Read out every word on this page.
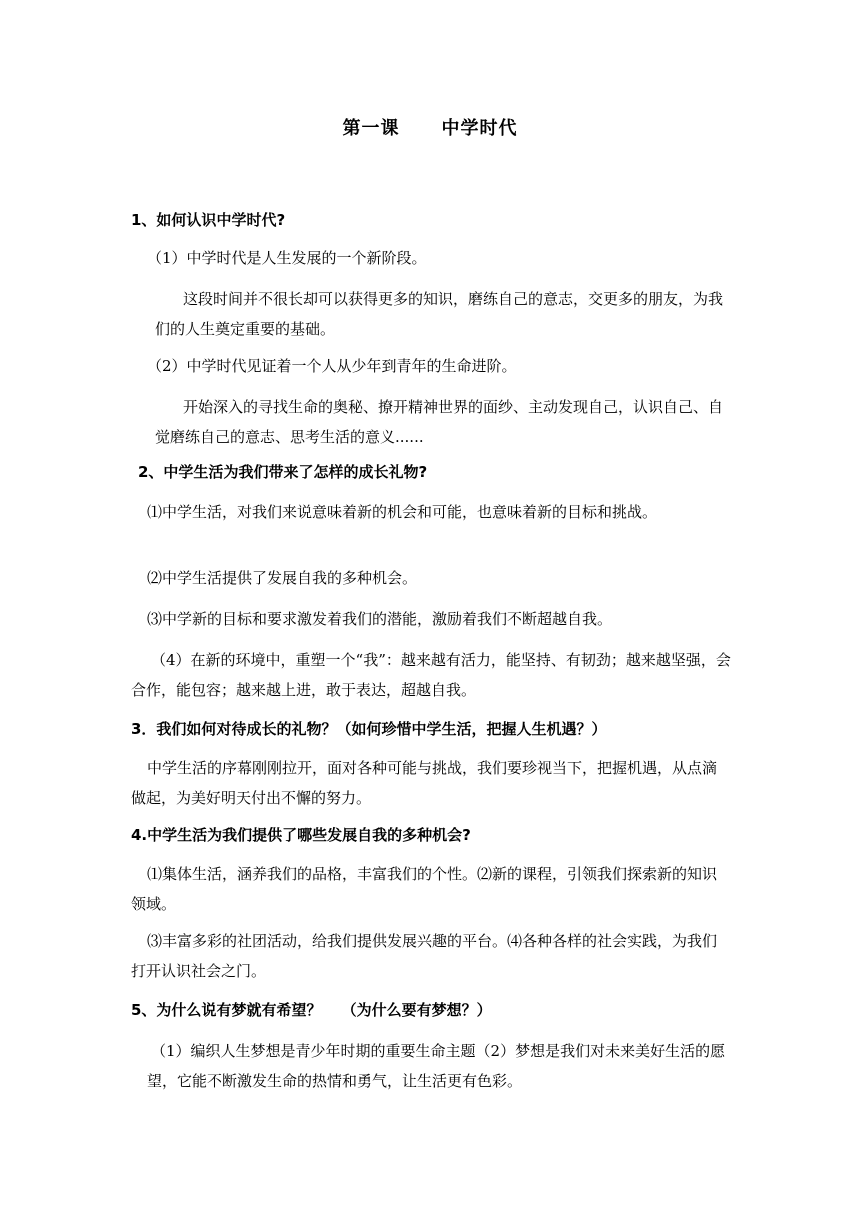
第一课 中学时代
1、如何认识中学时代?
（1）中学时代是人生发展的一个新阶段。
这段时间并不很长却可以获得更多的知识，磨练自己的意志，交更多的朋友，为我们的人生奠定重要的基础。
（2）中学时代见证着一个人从少年到青年的生命进阶。
开始深入的寻找生命的奥秘、撩开精神世界的面纱、主动发现自己，认识自己、自觉磨练自己的意志、思考生活的意义......
2、中学生活为我们带来了怎样的成长礼物?
⑴中学生活，对我们来说意味着新的机会和可能，也意味着新的目标和挑战。
⑵中学生活提供了发展自我的多种机会。
⑶中学新的目标和要求激发着我们的潜能，激励着我们不断超越自我。
（4）在新的环境中，重塑一个“我”：越来越有活力，能坚持、有韧劲；越来越坚强，会合作，能包容；越来越上进，敢于表达，超越自我。
3．我们如何对待成长的礼物？（如何珍惜中学生活，把握人生机遇？）
中学生活的序幕刚刚拉开，面对各种可能与挑战，我们要珍视当下，把握机遇，从点滴做起，为美好明天付出不懈的努力。
4.中学生活为我们提供了哪些发展自我的多种机会?
⑴集体生活，涵养我们的品格，丰富我们的个性。⑵新的课程，引领我们探索新的知识领域。
⑶丰富多彩的社团活动，给我们提供发展兴趣的平台。⑷各种各样的社会实践，为我们打开认识社会之门。
5、为什么说有梦就有希望？　 （为什么要有梦想？）
（1）编织人生梦想是青少年时期的重要生命主题（2）梦想是我们对未来美好生活的愿望，它能不断激发生命的热情和勇气，让生活更有色彩。
